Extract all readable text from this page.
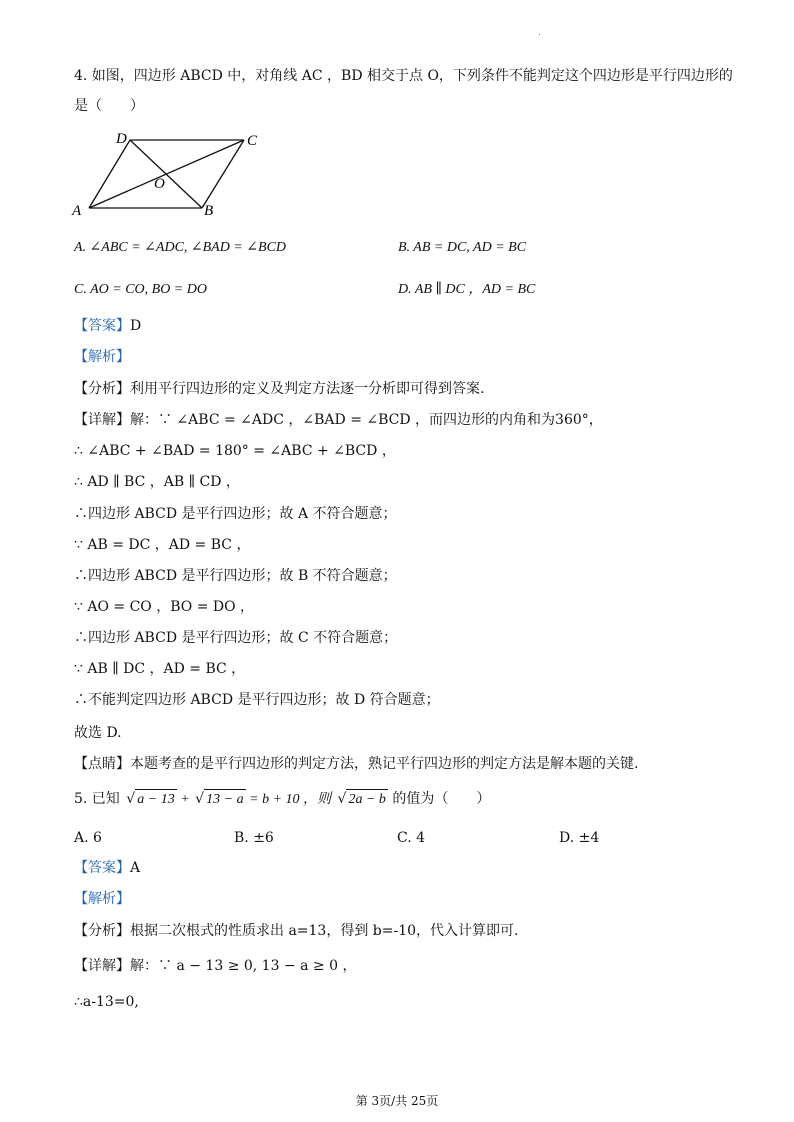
.
4. 如图，四边形 ABCD 中，对角线 AC ，BD 相交于点 O，下列条件不能判定这个四边形是平行四边形的
是（　　）
A	B
C
D
O
A. ∠ABC = ∠ADC, ∠BAD = ∠BCD	B. AB = DC, AD = BC
C. AO = CO, BO = DO	D. AB ∥ DC ，AD = BC
【答案】D
【解析】
【分析】利用平行四边形的定义及判定方法逐一分析即可得到答案.
【详解】解：∵ ∠ABC = ∠ADC ，∠BAD = ∠BCD ，而四边形的内角和为360°，
∴ ∠ABC + ∠BAD = 180° = ∠ABC + ∠BCD ，
∴ AD ∥ BC ，AB ∥ CD ，
∴四边形 ABCD 是平行四边形；故 A 不符合题意；
∵ AB = DC ，AD = BC ，
∴四边形 ABCD 是平行四边形；故 B 不符合题意；
∵ AO = CO ，BO = DO ，
∴四边形 ABCD 是平行四边形；故 C 不符合题意；
∵ AB ∥ DC ，AD = BC ，
∴不能判定四边形 ABCD 是平行四边形；故 D 符合题意；
故选 D.
【点睛】本题考查的是平行四边形的判定方法，熟记平行四边形的判定方法是解本题的关键.
5. 已知 √ a − 13 + √ 13 − a = b + 10 ，则 √ 2a − b 的值为（　　）
A. 6	B. ±6	C. 4	D. ±4
【答案】A
【解析】
【分析】根据二次根式的性质求出 a=13，得到 b=-10，代入计算即可.
【详解】解：∵ a − 13 ≥ 0, 13 − a ≥ 0 ，
∴a-13=0,
第 3页/共 25页
